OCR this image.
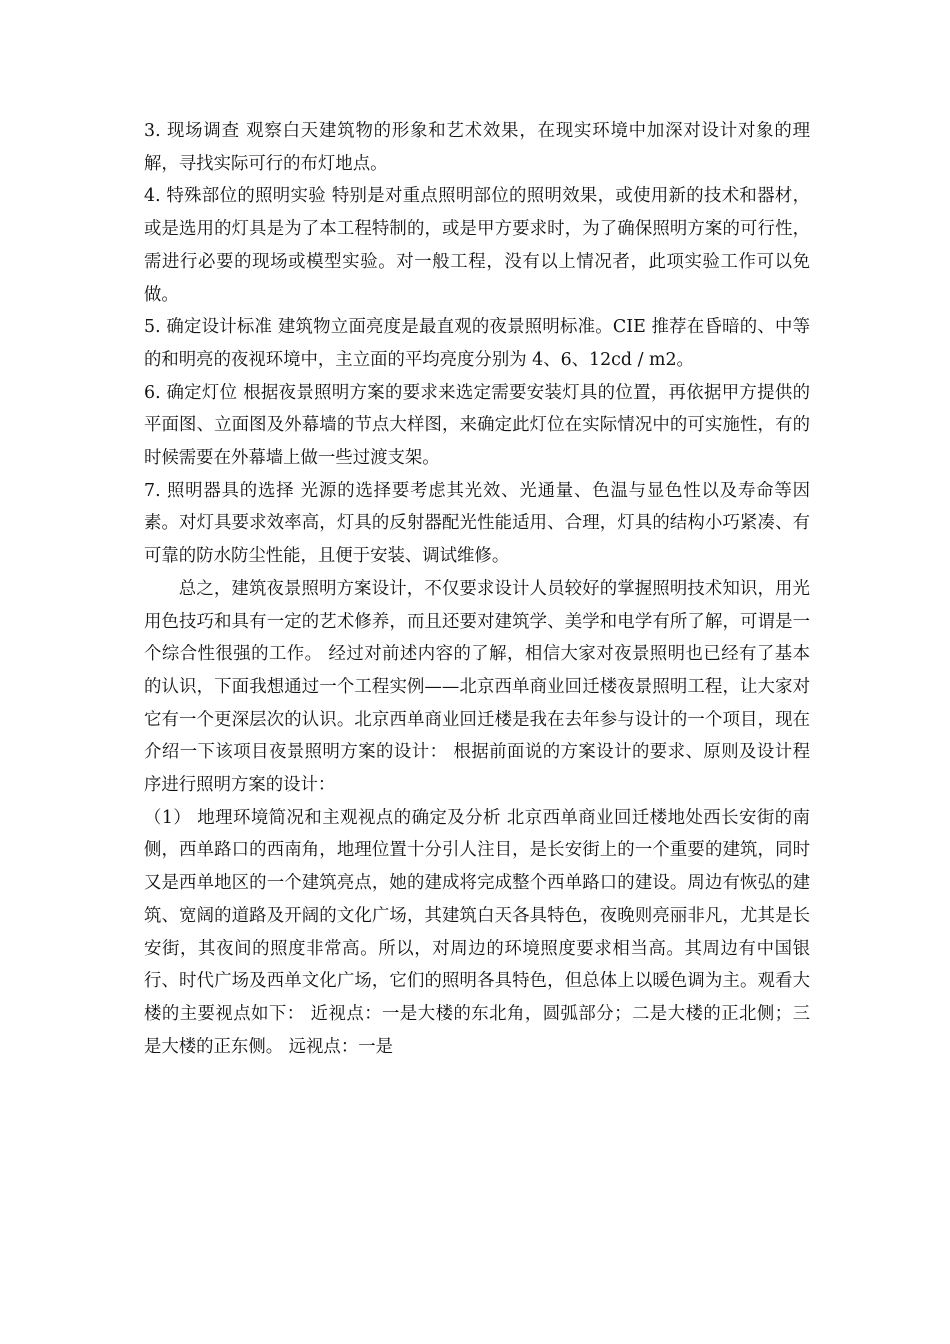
3. 现场调查 观察白天建筑物的形象和艺术效果，在现实环境中加深对设计对象的理解，寻找实际可行的布灯地点。

4. 特殊部位的照明实验 特别是对重点照明部位的照明效果，或使用新的技术和器材，或是选用的灯具是为了本工程特制的，或是甲方要求时，为了确保照明方案的可行性，需进行必要的现场或模型实验。对一般工程，没有以上情况者，此项实验工作可以免做。

5. 确定设计标准 建筑物立面亮度是最直观的夜景照明标准。CIE 推荐在昏暗的、中等的和明亮的夜视环境中，主立面的平均亮度分别为 4、6、12cd / m2。

6. 确定灯位 根据夜景照明方案的要求来选定需要安装灯具的位置，再依据甲方提供的平面图、立面图及外幕墙的节点大样图，来确定此灯位在实际情况中的可实施性，有的时候需要在外幕墙上做一些过渡支架。

7. 照明器具的选择 光源的选择要考虑其光效、光通量、色温与显色性以及寿命等因素。对灯具要求效率高，灯具的反射器配光性能适用、合理，灯具的结构小巧紧凑、有可靠的防水防尘性能，且便于安装、调试维修。

总之，建筑夜景照明方案设计，不仅要求设计人员较好的掌握照明技术知识，用光用色技巧和具有一定的艺术修养，而且还要对建筑学、美学和电学有所了解，可谓是一个综合性很强的工作。 经过对前述内容的了解，相信大家对夜景照明也已经有了基本的认识，下面我想通过一个工程实例——北京西单商业回迁楼夜景照明工程，让大家对它有一个更深层次的认识。北京西单商业回迁楼是我在去年参与设计的一个项目，现在介绍一下该项目夜景照明方案的设计： 根据前面说的方案设计的要求、原则及设计程序进行照明方案的设计：

（1） 地理环境简况和主观视点的确定及分析 北京西单商业回迁楼地处西长安街的南侧，西单路口的西南角，地理位置十分引人注目，是长安街上的一个重要的建筑，同时又是西单地区的一个建筑亮点，她的建成将完成整个西单路口的建设。周边有恢弘的建筑、宽阔的道路及开阔的文化广场，其建筑白天各具特色，夜晚则亮丽非凡，尤其是长安街，其夜间的照度非常高。所以，对周边的环境照度要求相当高。其周边有中国银行、时代广场及西单文化广场，它们的照明各具特色，但总体上以暖色调为主。观看大楼的主要视点如下： 近视点：一是大楼的东北角，圆弧部分；二是大楼的正北侧；三是大楼的正东侧。 远视点：一是
